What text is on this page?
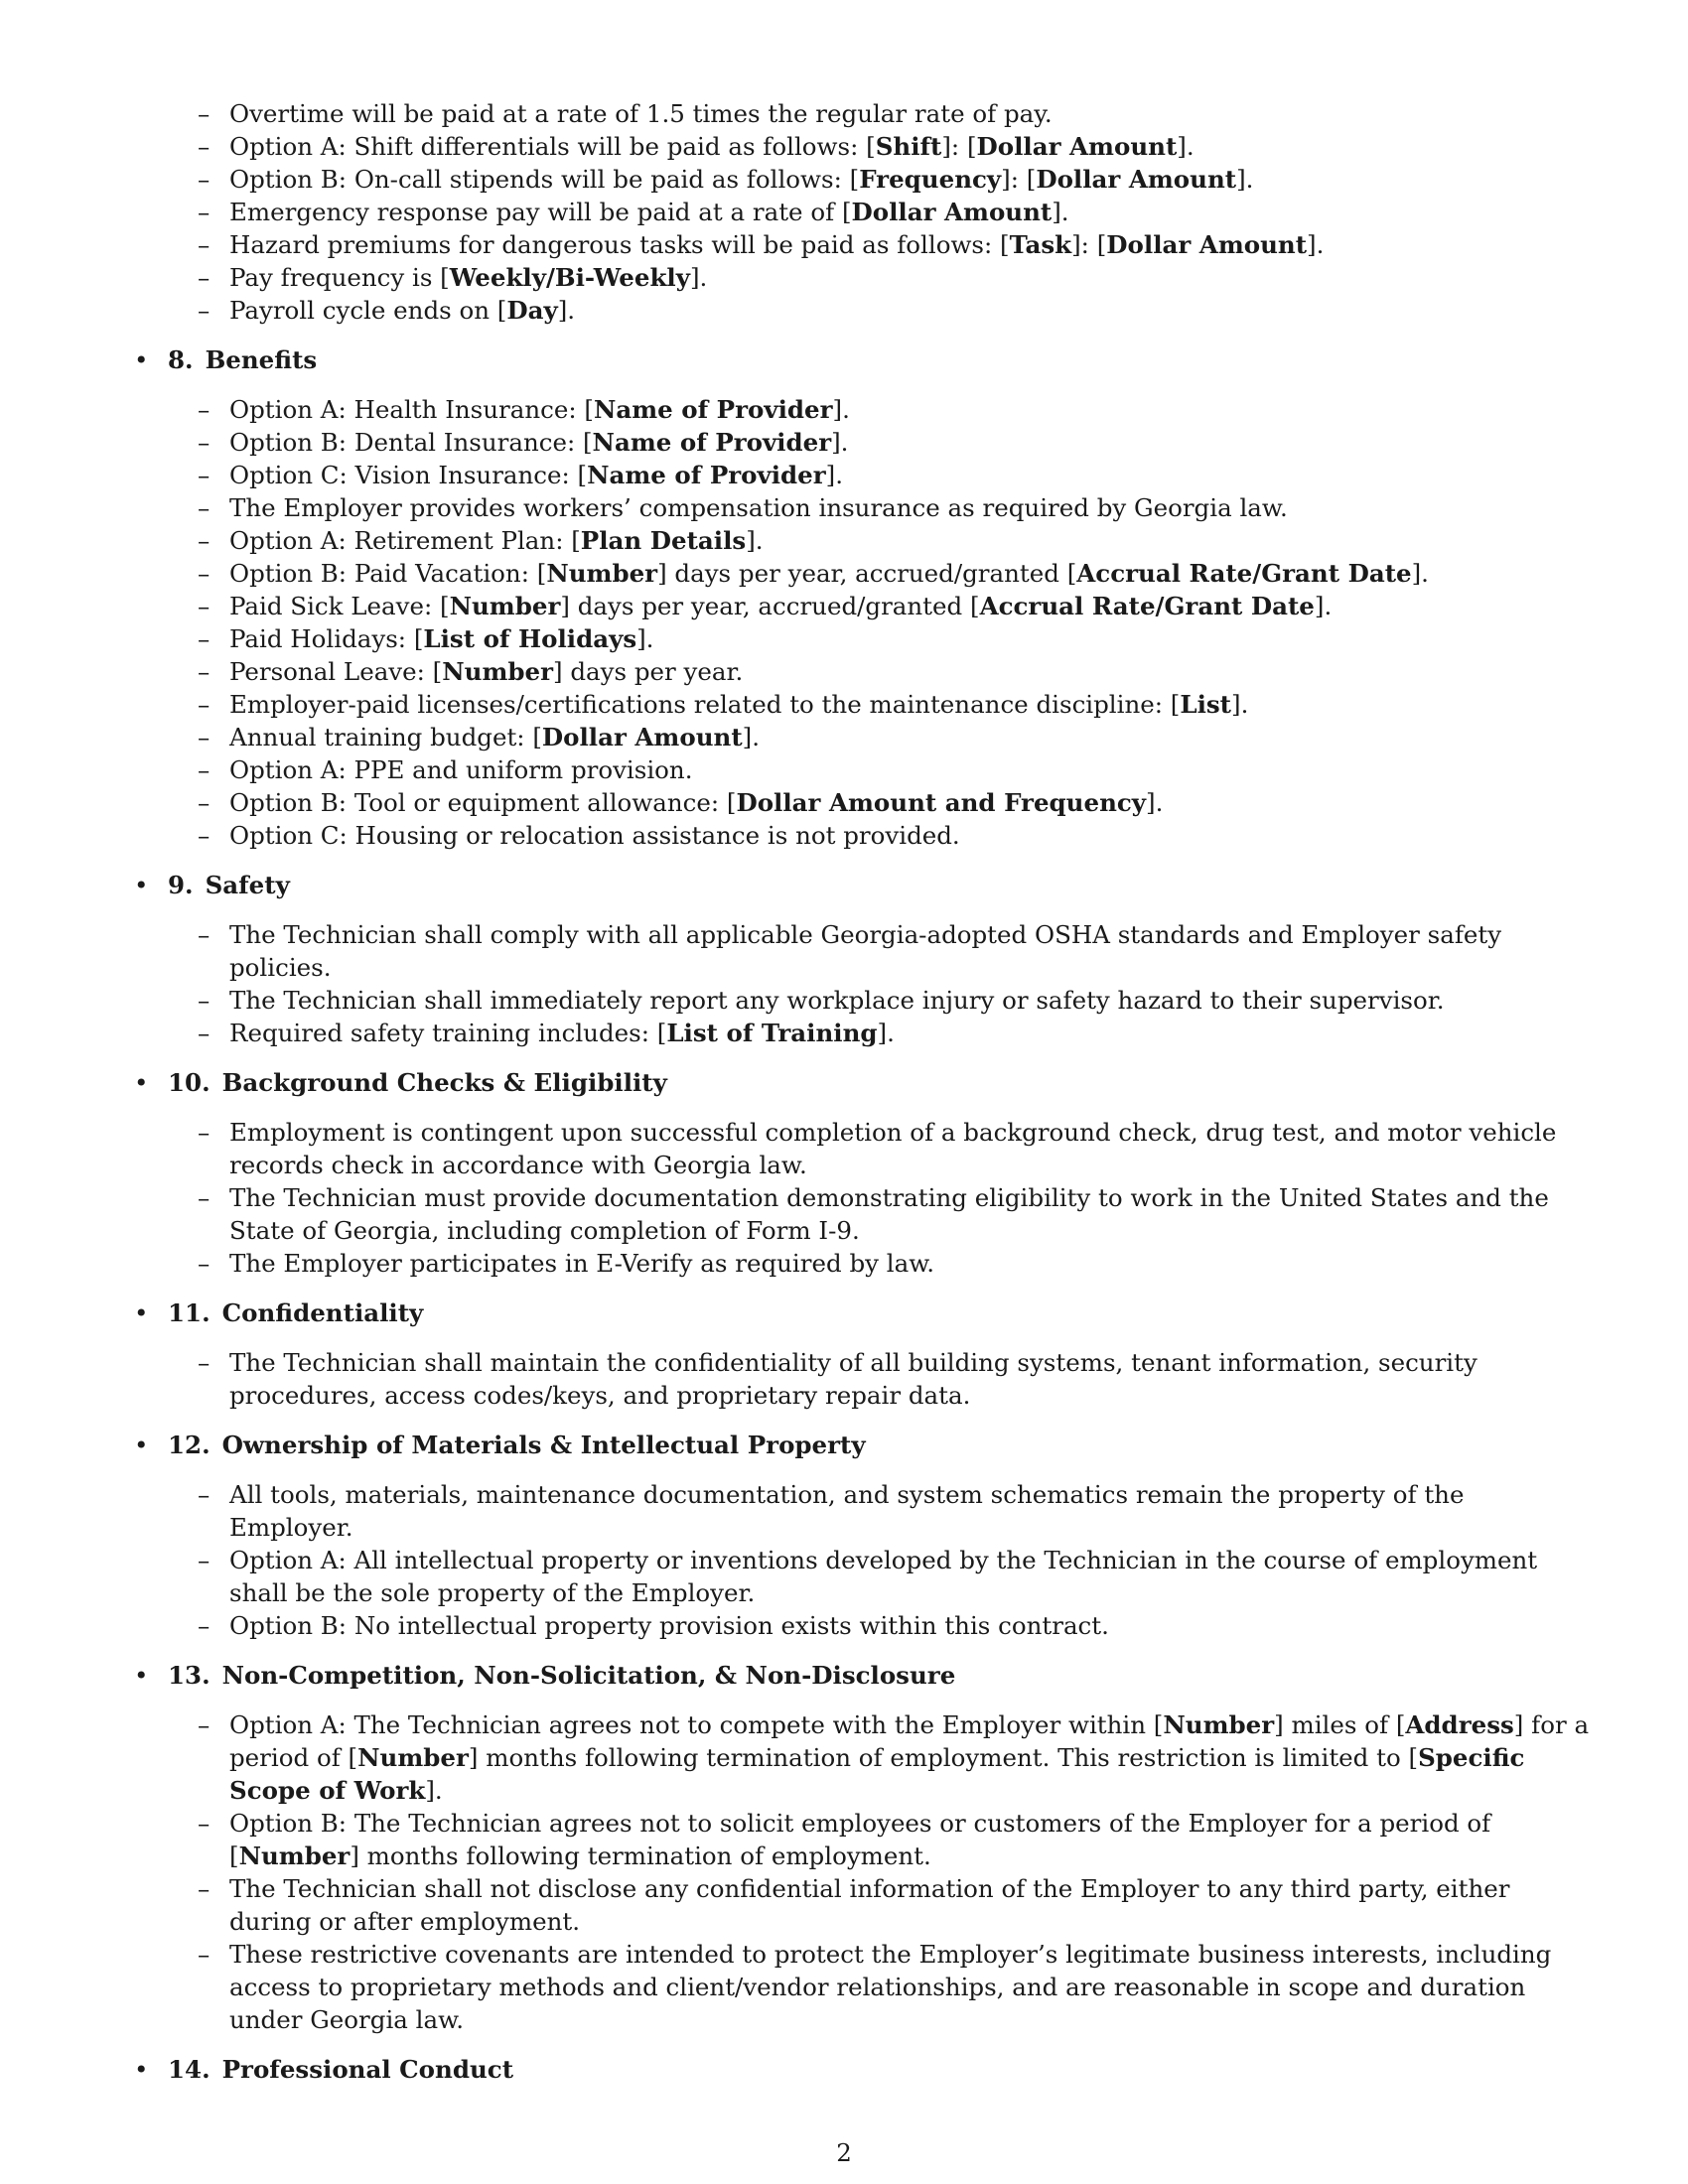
– Overtime will be paid at a rate of 1.5 times the regular rate of pay.
– Option A: Shift differentials will be paid as follows: [Shift]: [Dollar Amount].
– Option B: On-call stipends will be paid as follows: [Frequency]: [Dollar Amount].
– Emergency response pay will be paid at a rate of [Dollar Amount].
– Hazard premiums for dangerous tasks will be paid as follows: [Task]: [Dollar Amount].
– Pay frequency is [Weekly/Bi-Weekly].
– Payroll cycle ends on [Day].
• 8. Benefits
– Option A: Health Insurance: [Name of Provider].
– Option B: Dental Insurance: [Name of Provider].
– Option C: Vision Insurance: [Name of Provider].
– The Employer provides workers’ compensation insurance as required by Georgia law.
– Option A: Retirement Plan: [Plan Details].
– Option B: Paid Vacation: [Number] days per year, accrued/granted [Accrual Rate/Grant Date].
– Paid Sick Leave: [Number] days per year, accrued/granted [Accrual Rate/Grant Date].
– Paid Holidays: [List of Holidays].
– Personal Leave: [Number] days per year.
– Employer-paid licenses/certifications related to the maintenance discipline: [List].
– Annual training budget: [Dollar Amount].
– Option A: PPE and uniform provision.
– Option B: Tool or equipment allowance: [Dollar Amount and Frequency].
– Option C: Housing or relocation assistance is not provided.
• 9. Safety
– The Technician shall comply with all applicable Georgia-adopted OSHA standards and Employer safety policies.
– The Technician shall immediately report any workplace injury or safety hazard to their supervisor.
– Required safety training includes: [List of Training].
• 10. Background Checks & Eligibility
– Employment is contingent upon successful completion of a background check, drug test, and motor vehicle records check in accordance with Georgia law.
– The Technician must provide documentation demonstrating eligibility to work in the United States and the State of Georgia, including completion of Form I-9.
– The Employer participates in E-Verify as required by law.
• 11. Confidentiality
– The Technician shall maintain the confidentiality of all building systems, tenant information, security procedures, access codes/keys, and proprietary repair data.
• 12. Ownership of Materials & Intellectual Property
– All tools, materials, maintenance documentation, and system schematics remain the property of the Employer.
– Option A: All intellectual property or inventions developed by the Technician in the course of employment shall be the sole property of the Employer.
– Option B: No intellectual property provision exists within this contract.
• 13. Non-Competition, Non-Solicitation, & Non-Disclosure
– Option A: The Technician agrees not to compete with the Employer within [Number] miles of [Address] for a period of [Number] months following termination of employment. This restriction is limited to [Specific Scope of Work].
– Option B: The Technician agrees not to solicit employees or customers of the Employer for a period of [Number] months following termination of employment.
– The Technician shall not disclose any confidential information of the Employer to any third party, either during or after employment.
– These restrictive covenants are intended to protect the Employer’s legitimate business interests, including access to proprietary methods and client/vendor relationships, and are reasonable in scope and duration under Georgia law.
• 14. Professional Conduct
2
